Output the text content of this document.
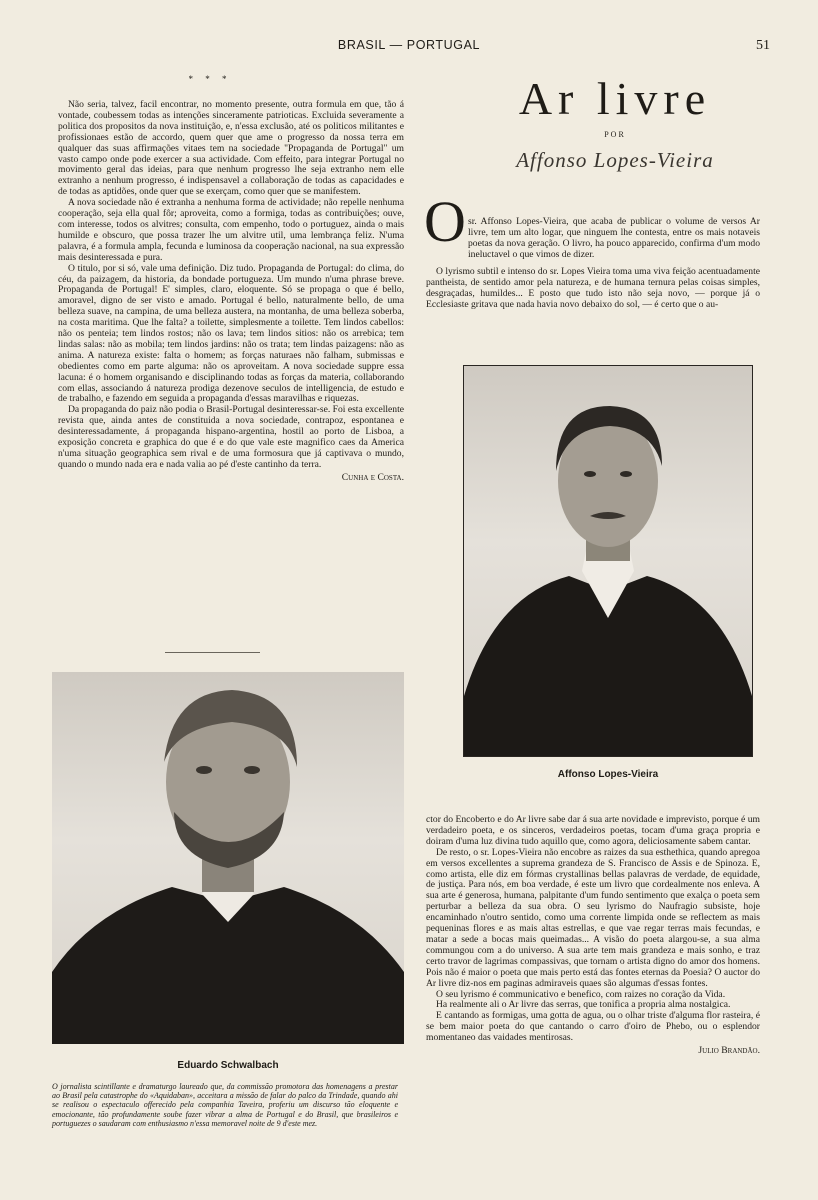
BRASIL — PORTUGAL	51
* * *

Não seria, talvez, facil encontrar, no momento presente, outra formula em que, tão á vontade, coubessem todas as intenções sinceramente patrioticas. Excluida severamente a politica dos propositos da nova instituição, e, n'essa exclusão, até os politicos militantes e profissionaes estão de accordo, quem quer que ame o progresso da nossa terra em qualquer das suas affirmações vitaes tem na sociedade "Propaganda de Portugal" um vasto campo onde pode exercer a sua actividade. Com effeito, para integrar Portugal no movimento geral das ideias, para que nenhum progresso lhe seja extranho nem elle extranho a nenhum progresso, é indispensavel a collaboração de todas as capacidades e de todas as aptidões, onde quer que se exerçam, como quer que se manifestem.

A nova sociedade não é extranha a nenhuma forma de actividade; não repelle nenhuma cooperação, seja ella qual fôr; aproveita, como a formiga, todas as contribuições; ouve, com interesse, todos os alvitres; consulta, com empenho, todo o portuguez, ainda o mais humilde e obscuro, que possa trazer lhe um alvitre util, uma lembrança feliz. N'uma palavra, é a formula ampla, fecunda e luminosa da cooperação nacional, na sua expressão mais desinteressada e pura.

O titulo, por si só, vale uma definição. Diz tudo. Propaganda de Portugal: do clima, do céu, da paizagem, da historia, da bondade portugueza. Um mundo n'uma phrase breve. Propaganda de Portugal! E' simples, claro, eloquente. Só se propaga o que é bello, amoravel, digno de ser visto e amado. Portugal é bello, naturalmente bello, de uma belleza suave, na campina, de uma belleza austera, na montanha, de uma belleza soberba, na costa maritima. Que lhe falta? a toilette, simplesmente a toilette. Tem lindos cabellos: não os penteia; tem lindos rostos; não os lava; tem lindos sitios: não os arrebica; tem lindas salas: não as mobila; tem lindos jardins: não os trata; tem lindas paizagens: não as anima. A natureza existe: falta o homem; as forças naturaes não falham, submissas e obedientes como em parte alguma: não os aproveitam. A nova sociedade suppre essa lacuna: é o homem organisando e disciplinando todas as forças da materia, collaborando com ellas, associando á natureza prodiga dezenove seculos de intelligencia, de estudo e de trabalho, e fazendo em seguida a propaganda d'essas maravilhas e riquezas.

Da propaganda do paiz não podia o Brasil-Portugal desinteressar-se. Foi esta excellente revista que, ainda antes de constituida a nova sociedade, contrapoz, espontanea e desinteressadamente, á propaganda hispano-argentina, hostil ao porto de Lisboa, a exposição concreta e graphica do que é e do que vale este magnifico caes da America n'uma situação geographica sem rival e de uma formosura que já captivava o mundo, quando o mundo nada era e nada valia ao pé d'este cantinho da terra.

Cunha e Costa.
Eduardo Schwalbach
O jornalista scintillante e dramaturgo laureado que, da commissão promotora das homenagens a prestar ao Brasil pela catastrophe do «Aquidaban», acceitara a missão de falar do palco da Trindade, quando ahi se realisou o espectaculo offerecido pela companhia Taveira, proferiu um discurso tão eloquente e emocionante, tão profundamente soube fazer vibrar a alma de Portugal e do Brasil, que brasileiros e portuguezes o saudaram com enthusiasmo n'essa memoravel noite de 9 d'este mez.
Ar livre
POR
Affonso Lopes-Vieira
O sr. Affonso Lopes-Vieira, que acaba de publicar o volume de versos Ar livre, tem um alto logar, que ninguem lhe contesta, entre os mais notaveis poetas da nova geração. O livro, ha pouco apparecido, confirma d'um modo ineluctavel o que vimos de dizer.

O lyrismo subtil e intenso do sr. Lopes Vieira toma uma viva feição acentuadamente pantheista, de sentido amor pela natureza, e de humana ternura pelas coisas simples, desgraçadas, humildes... E posto que tudo isto não seja novo, — porque já o Ecclesiaste gritava que nada havia novo debaixo do sol, — é certo que o au-

Affonso Lopes-Vieira

ctor do Encoberto e do Ar livre sabe dar á sua arte novidade e imprevisto, porque é um verdadeiro poeta, e os sinceros, verdadeiros poetas, tocam d'uma graça propria e doiram d'uma luz divina tudo aquillo que, como agora, deliciosamente sabem cantar.

De resto, o sr. Lopes-Vieira não encobre as raizes da sua esthethica, quando apregoa em versos excellentes a suprema grandeza de S. Francisco de Assis e de Spinoza. E, como artista, elle diz em fórmas crystallinas bellas palavras de verdade, de equidade, de justiça. Para nós, em boa verdade, é este um livro que cordealmente nos enleva. A sua arte é generosa, humana, palpitante d'um fundo sentimento que exalça o poeta sem perturbar a belleza da sua obra. O seu lyrismo do Naufragio subsiste, hoje encaminhado n'outro sentido, como uma corrente limpida onde se reflectem as mais pequeninas flores e as mais altas estrellas, e que vae regar terras mais fecundas, e matar a sede a bocas mais queimadas... A visão do poeta alargou-se, a sua alma commungou com a do universo. A sua arte tem mais grandeza e mais sonho, e traz certo travor de lagrimas compassivas, que tornam o artista digno do amor dos homens. Pois não é maior o poeta que mais perto está das fontes eternas da Poesia? O auctor do Ar livre diz-nos em paginas admiraveis quaes são algumas d'essas fontes.

O seu lyrismo é communicativo e benefico, com raizes no coração da Vida.

Ha realmente ali o Ar livre das serras, que tonifica a propria alma nostalgica.

E cantando as formigas, uma gotta de agua, ou o olhar triste d'alguma flor rasteira, é se bem maior poeta do que cantando o carro d'oiro de Phebo, ou o esplendor momentaneo das vaidades mentirosas.

Julio Brandão.
